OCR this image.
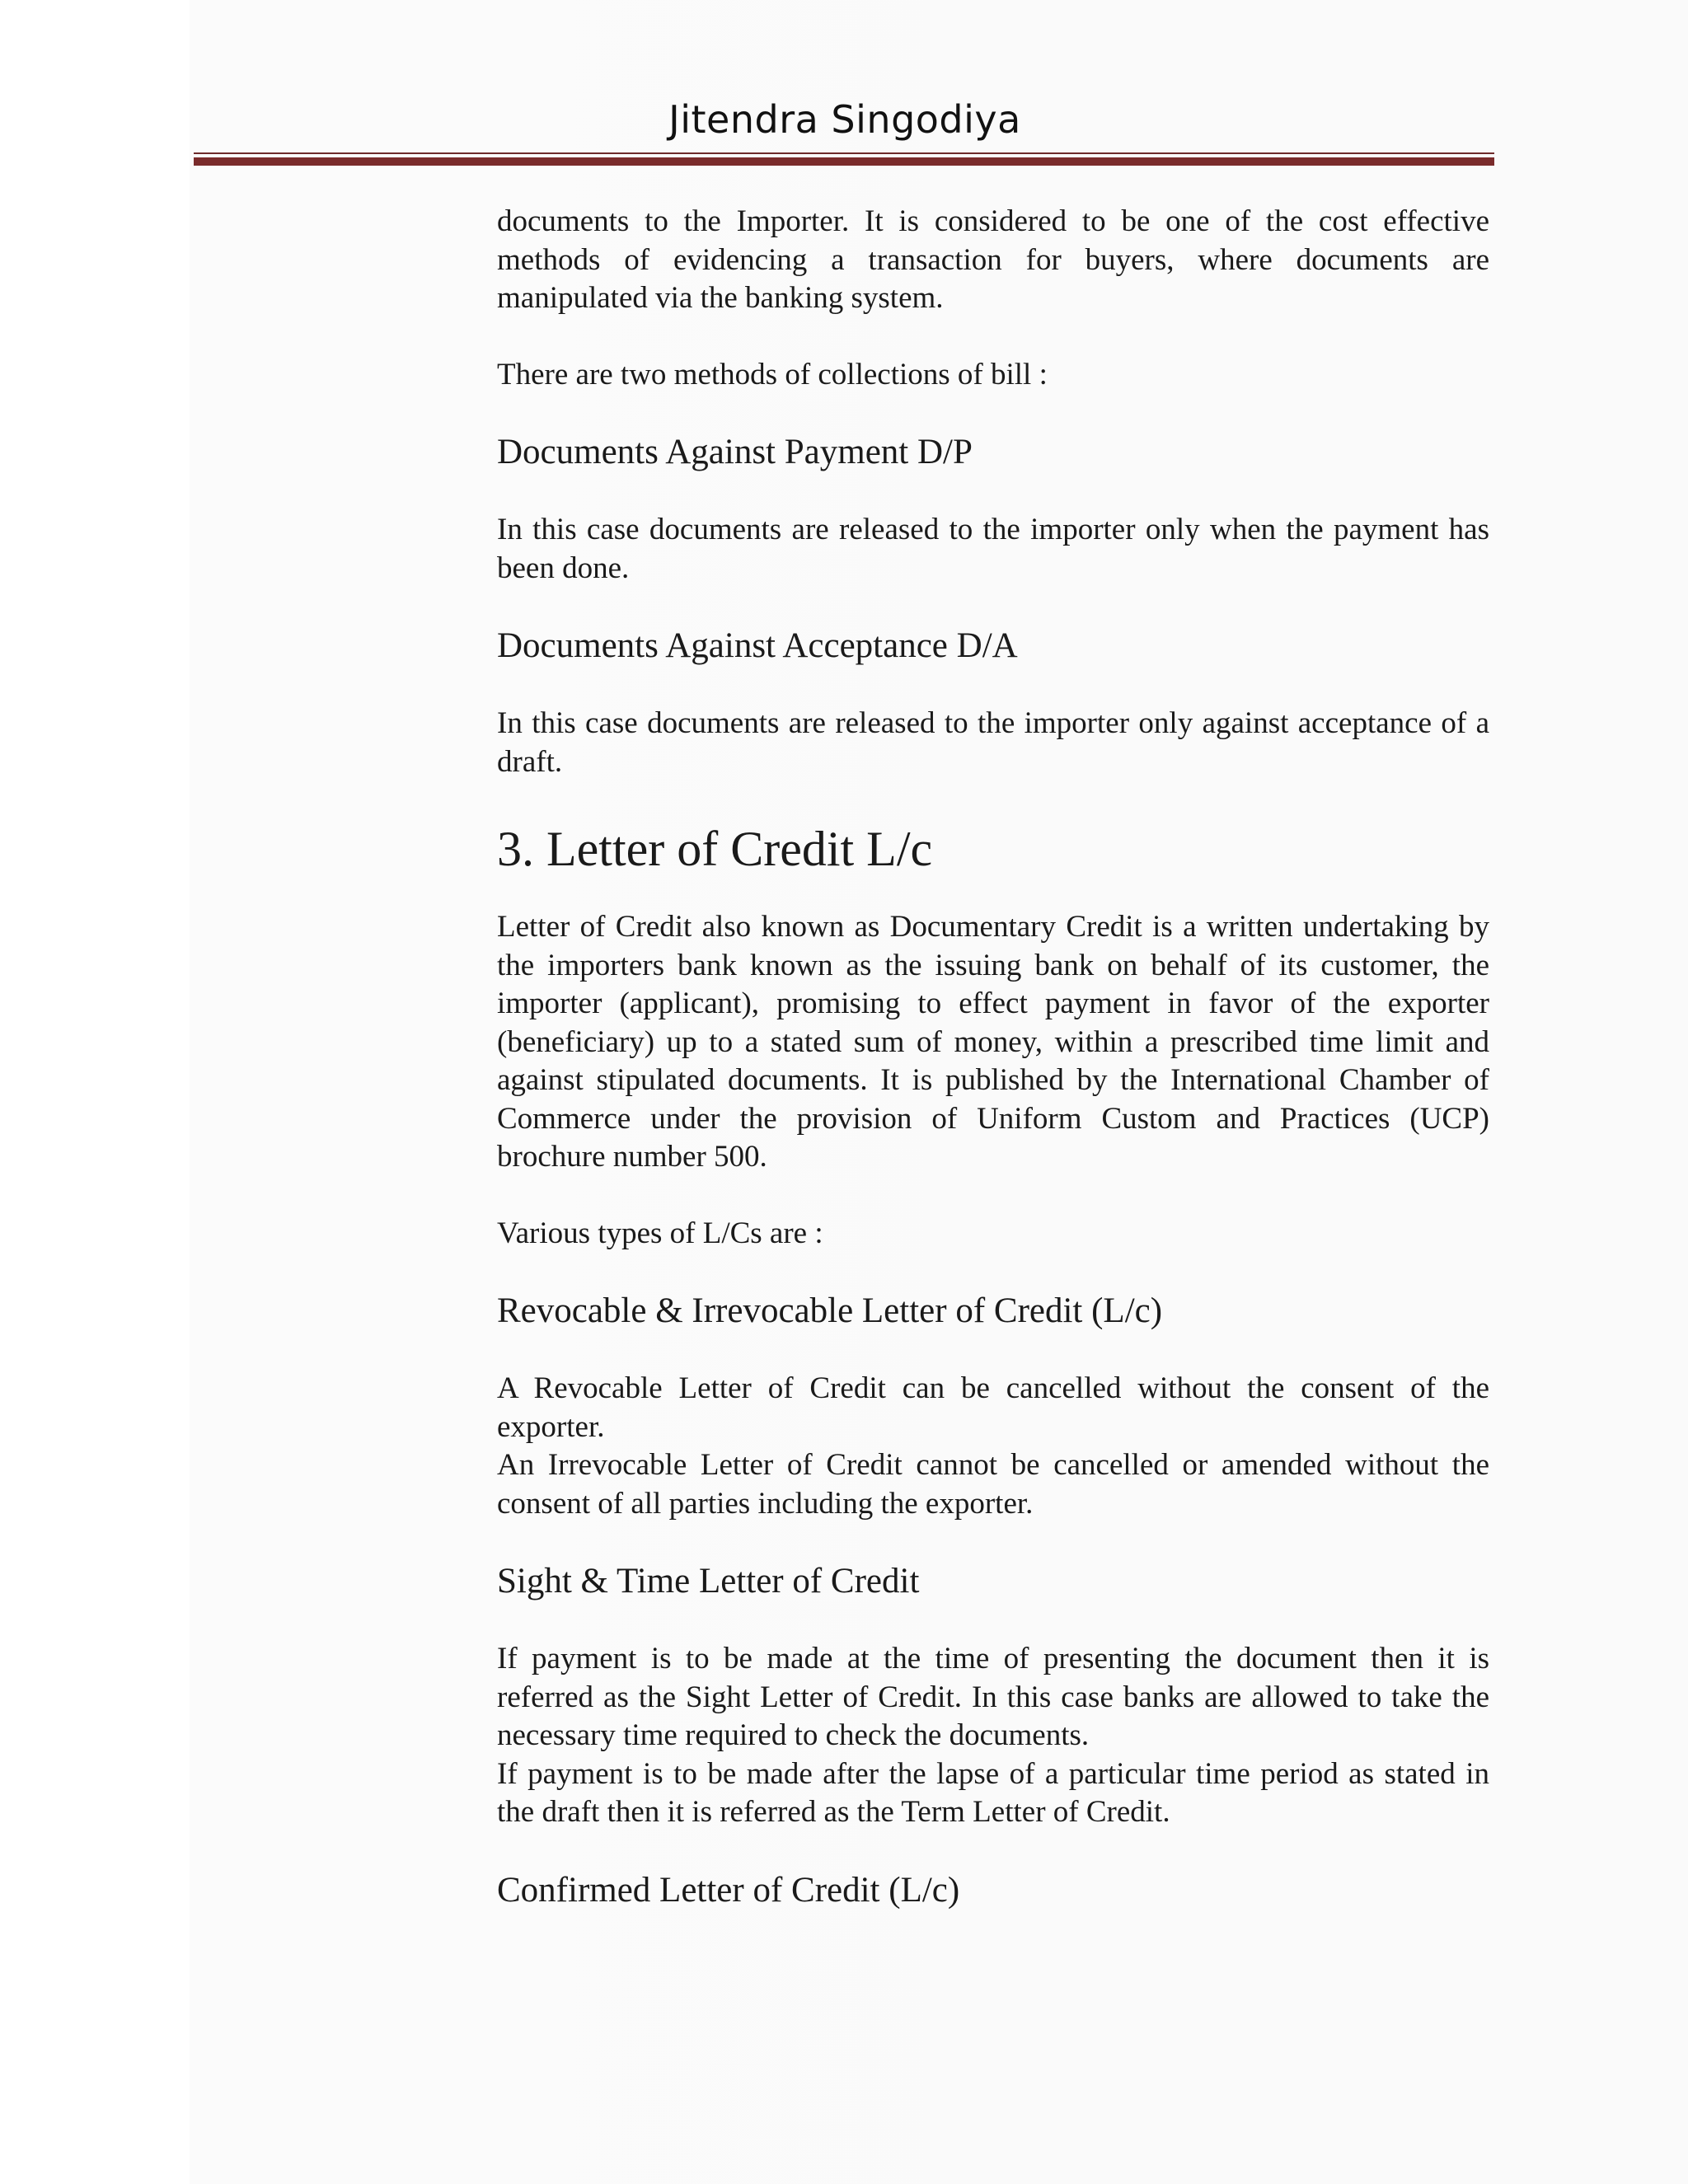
Jitendra Singodiya

documents to the Importer. It is considered to be one of the cost effective methods of evidencing a transaction for buyers, where documents are manipulated via the banking system.

There are two methods of collections of bill :

Documents Against Payment D/P

In this case documents are released to the importer only when the payment has been done.

Documents Against Acceptance D/A

In this case documents are released to the importer only against acceptance of a draft.

3. Letter of Credit L/c

Letter of Credit also known as Documentary Credit is a written undertaking by the importers bank known as the issuing bank on behalf of its customer, the importer (applicant), promising to effect payment in favor of the exporter (beneficiary) up to a stated sum of money, within a prescribed time limit and against stipulated documents. It is published by the International Chamber of Commerce under the provision of Uniform Custom and Practices (UCP) brochure number 500.

Various types of L/Cs are :

Revocable & Irrevocable Letter of Credit (L/c)

A Revocable Letter of Credit can be cancelled without the consent of the exporter.

An Irrevocable Letter of Credit cannot be cancelled or amended without the consent of all parties including the exporter.

Sight & Time Letter of Credit

If payment is to be made at the time of presenting the document then it is referred as the Sight Letter of Credit. In this case banks are allowed to take the necessary time required to check the documents.

If payment is to be made after the lapse of a particular time period as stated in the draft then it is referred as the Term Letter of Credit.

Confirmed Letter of Credit (L/c)
